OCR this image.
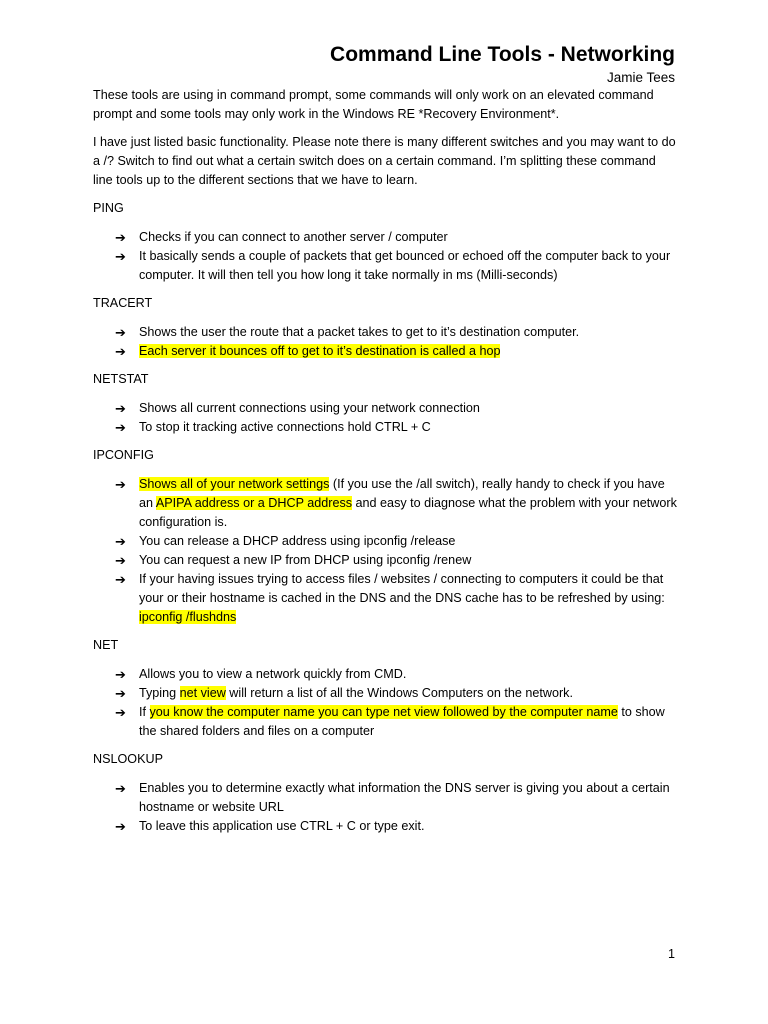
Command Line Tools - Networking
Jamie Tees

These tools are using in command prompt, some commands will only work on an elevated command prompt and some tools may only work in the Windows RE *Recovery Environment*.

I have just listed basic functionality. Please note there is many different switches and you may want to do a /? Switch to find out what a certain switch does on a certain command. I’m splitting these command line tools up to the different sections that we have to learn.

PING

➔ Checks if you can connect to another server / computer
➔ It basically sends a couple of packets that get bounced or echoed off the computer back to your computer. It will then tell you how long it take normally in ms (Milli-seconds)

TRACERT

➔ Shows the user the route that a packet takes to get to it’s destination computer.
➔ Each server it bounces off to get to it’s destination is called a hop

NETSTAT

➔ Shows all current connections using your network connection
➔ To stop it tracking active connections hold CTRL + C

IPCONFIG

➔ Shows all of your network settings (If you use the /all switch), really handy to check if you have an APIPA address or a DHCP address and easy to diagnose what the problem with your network configuration is.
➔ You can release a DHCP address using ipconfig /release
➔ You can request a new IP from DHCP using ipconfig /renew
➔ If your having issues trying to access files / websites / connecting to computers it could be that your or their hostname is cached in the DNS and the DNS cache has to be refreshed by using: ipconfig /flushdns

NET

➔ Allows you to view a network quickly from CMD.
➔ Typing net view will return a list of all the Windows Computers on the network.
➔ If you know the computer name you can type net view followed by the computer name to show the shared folders and files on a computer

NSLOOKUP

➔ Enables you to determine exactly what information the DNS server is giving you about a certain hostname or website URL
➔ To leave this application use CTRL + C or type exit.
1
